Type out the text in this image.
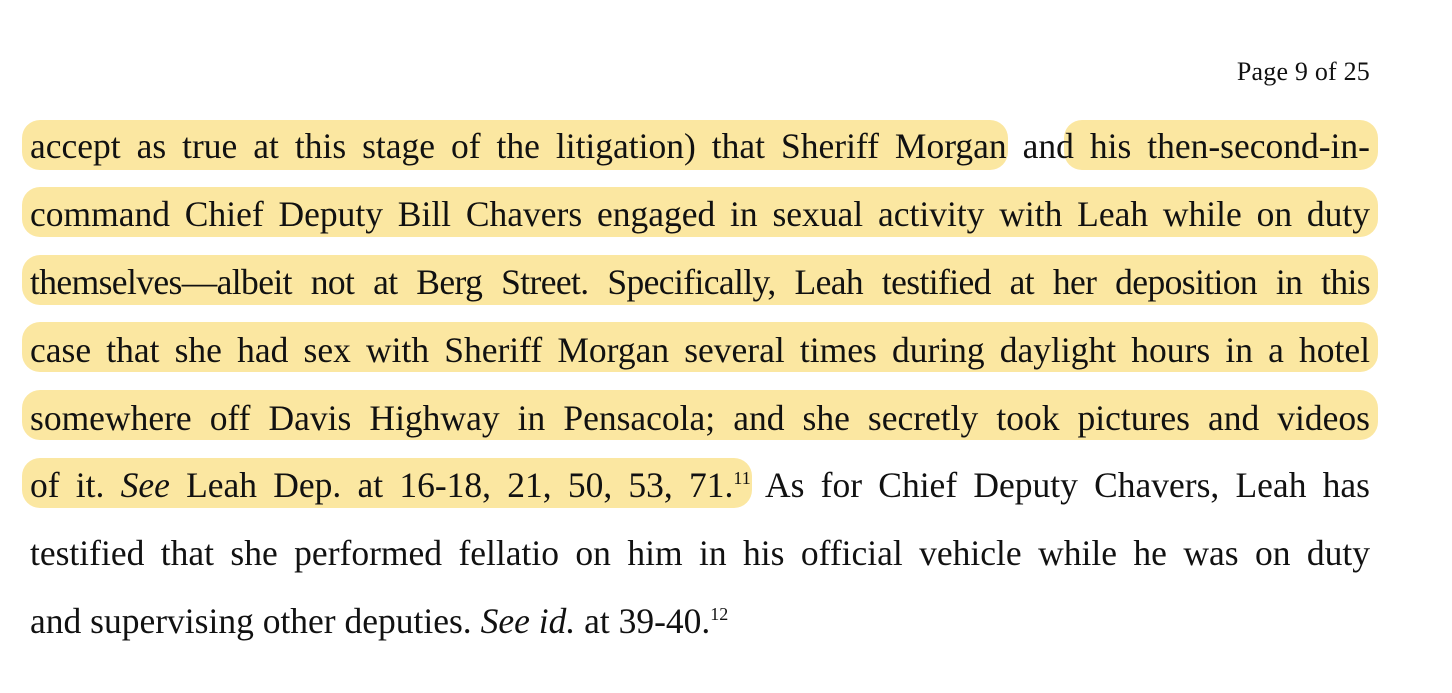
Page 9 of 25
accept as true at this stage of the litigation) that Sheriff Morgan and his then-second-in-
command Chief Deputy Bill Chavers engaged in sexual activity with Leah while on duty
themselves—albeit not at Berg Street. Specifically, Leah testified at her deposition in this
case that she had sex with Sheriff Morgan several times during daylight hours in a hotel
somewhere off Davis Highway in Pensacola; and she secretly took pictures and videos
of it. See Leah Dep. at 16-18, 21, 50, 53, 71.11 As for Chief Deputy Chavers, Leah has
testified that she performed fellatio on him in his official vehicle while he was on duty
and supervising other deputies. See id. at 39-40.12
